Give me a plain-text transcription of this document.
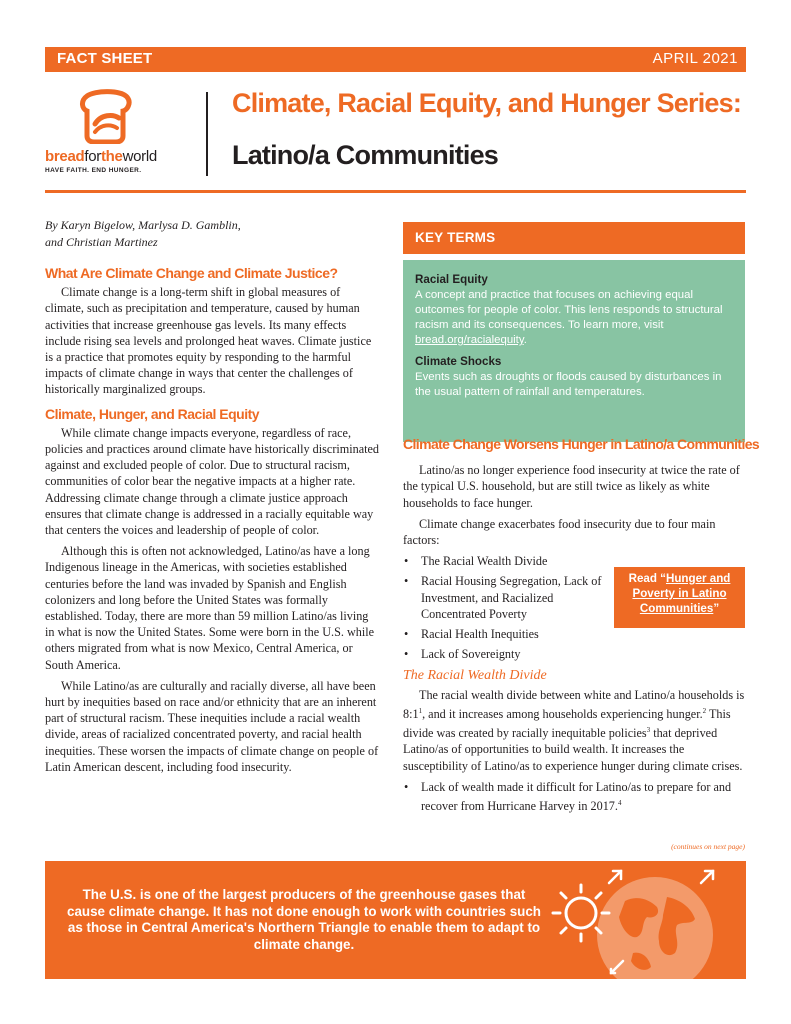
FACT SHEET	APRIL 2021
breadfortheworld
HAVE FAITH. END HUNGER.
Climate, Racial Equity, and Hunger Series:
Latino/a Communities
By Karyn Bigelow, Marlysa D. Gamblin,
and Christian Martinez
What Are Climate Change and Climate Justice?

Climate change is a long-term shift in global measures of climate, such as precipitation and temperature, caused by human activities that increase greenhouse gas levels. Its many effects include rising sea levels and prolonged heat waves. Climate justice is a practice that promotes equity by responding to the harmful impacts of climate change in ways that center the challenges of historically marginalized groups.

Climate, Hunger, and Racial Equity

While climate change impacts everyone, regardless of race, policies and practices around climate have historically discriminated against and excluded people of color. Due to structural racism, communities of color bear the negative impacts at a higher rate. Addressing climate change through a climate justice approach ensures that climate change is addressed in a racially equitable way that centers the voices and leadership of people of color.

Although this is often not acknowledged, Latino/as have a long Indigenous lineage in the Americas, with societies established centuries before the land was invaded by Spanish and English colonizers and long before the United States was formally established. Today, there are more than 59 million Latino/as living in what is now the United States. Some were born in the U.S. while others migrated from what is now Mexico, Central America, or South America.

While Latino/as are culturally and racially diverse, all have been hurt by inequities based on race and/or ethnicity that are an inherent part of structural racism. These inequities include a racial wealth divide, areas of racialized concentrated poverty, and racial health inequities. These worsen the impacts of climate change on people of Latin American descent, including food insecurity.

KEY TERMS
Racial Equity
A concept and practice that focuses on achieving equal outcomes for people of color. This lens responds to structural racism and its consequences. To learn more, visit bread.org/racialequity.
Climate Shocks
Events such as droughts or floods caused by disturbances in the usual pattern of rainfall and temperatures.
Climate Change Worsens Hunger in Latino/a Communities

Latino/as no longer experience food insecurity at twice the rate of the typical U.S. household, but are still twice as likely as white households to face hunger.

Climate change exacerbates food insecurity due to four main factors:

• The Racial Wealth Divide
• Racial Housing Segregation, Lack of Investment, and Racialized Concentrated Poverty
• Racial Health Inequities
• Lack of Sovereignty
The Racial Wealth Divide

The racial wealth divide between white and Latino/a households is $8:1^1$, and it increases among households experiencing hunger.$^2$ This divide was created by racially inequitable policies$^3$ that deprived Latino/as of opportunities to build wealth. It increases the susceptibility of Latino/as to experience hunger during climate crises.

• Lack of wealth made it difficult for Latino/as to prepare for and recover from Hurricane Harvey in 2017.$^4$
Read “Hunger and Poverty in Latino Communities”
(continues on next page)
The U.S. is one of the largest producers of the greenhouse gases that cause climate change. It has not done enough to work with countries such as those in Central America's Northern Triangle to enable them to adapt to climate change.
